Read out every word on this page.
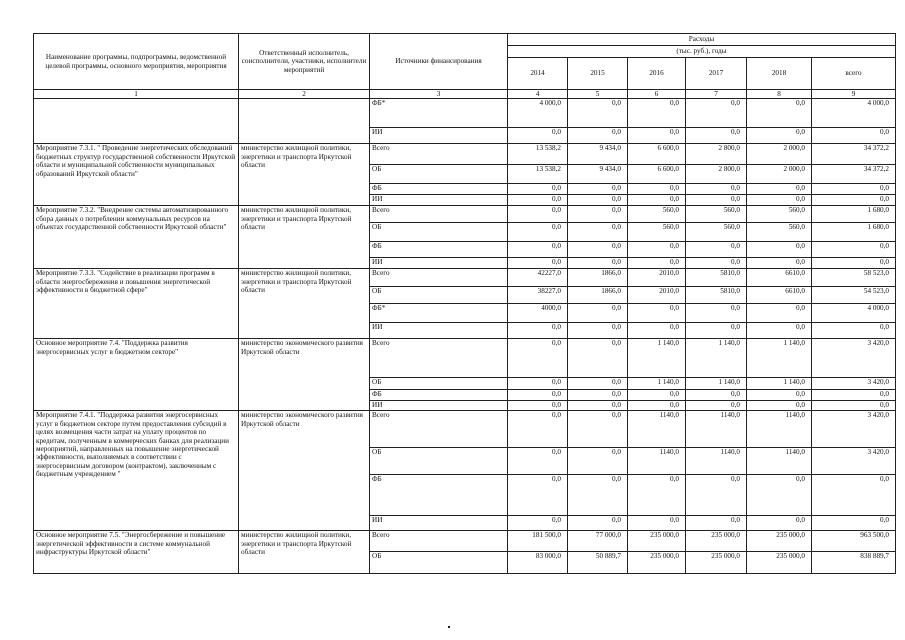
Наименование программы, подпрограммы, ведомственной целевой программы, основного мероприятия, мероприятия	Ответственный исполнитель, соисполнители, участники, исполнители мероприятий	Источники финансирования	Расходы					
			(тыс. руб.), годы					
			2014	2015	2016	2017	2018	всего
1	2	3	4	5	6	7	8	9
		ФБ*	4 000,0	0,0	0,0	0,0	0,0	4 000,0
		ИИ	0,0	0,0	0,0	0,0	0,0	0,0
Мероприятие 7.3.1. " Проведение энергетических обследований бюджетных структур государственной собственности Иркутской области и муниципальной собственности муниципальных образований Иркутской области"	министерство жилищной политики, энергетики и транспорта Иркутской области	Всего	13 538,2	9 434,0	6 600,0	2 800,0	2 000,0	34 372,2
		ОБ	13 538,2	9 434,0	6 600,0	2 800,0	2 000,0	34 372,2
		ФБ	0,0	0,0	0,0	0,0	0,0	0,0
		ИИ	0,0	0,0	0,0	0,0	0,0	0,0
Мероприятие 7.3.2. "Внедрение системы автоматизированного сбора данных о потреблении коммунальных ресурсов на объектах государственной собственности Иркутской области"	министерство жилищной политики, энергетики и транспорта Иркутской области	Всего	0,0	0,0	560,0	560,0	560,0	1 680,0
		ОБ	0,0	0,0	560,0	560,0	560,0	1 680,0
		ФБ	0,0	0,0	0,0	0,0	0,0	0,0
		ИИ	0,0	0,0	0,0	0,0	0,0	0,0
Мероприятие 7.3.3. "Содействие в реализации программ в области энергосбережения и повышения энергетической эффективности в бюджетной сфере"	министерство жилищной политики, энергетики и транспорта Иркутской области	Всего	42227,0	1866,0	2010,0	5810,0	6610,0	58 523,0
		ОБ	38227,0	1866,0	2010,0	5810,0	6610,0	54 523,0
		ФБ*	4000,0	0,0	0,0	0,0	0,0	4 000,0
		ИИ	0,0	0,0	0,0	0,0	0,0	0,0
Основное мероприятие 7.4. "Поддержка развития энергосервисных услуг в бюджетном секторе"	министерство экономического развития Иркутской области	Всего	0,0	0,0	1 140,0	1 140,0	1 140,0	3 420,0
		ОБ	0,0	0,0	1 140,0	1 140,0	1 140,0	3 420,0
		ФБ	0,0	0,0	0,0	0,0	0,0	0,0
		ИИ	0,0	0,0	0,0	0,0	0,0	0,0
Мероприятие 7.4.1. "Поддержка развития энергосервисных услуг в бюджетном секторе путем предоставления субсидий в целях возмещения части затрат на уплату процентов по кредитам, полученным в коммерческих банках для реализации мероприятий, направленных на повышение энергетической эффективности, выполняемых в соответствии с энергосервисным договором (контрактом), заключенным с бюджетным учреждением "	министерство экономического развития Иркутской области	Всего	0,0	0,0	1140,0	1140,0	1140,0	3 420,0
		ОБ	0,0	0,0	1140,0	1140,0	1140,0	3 420,0
		ФБ	0,0	0,0	0,0	0,0	0,0	0,0
		ИИ	0,0	0,0	0,0	0,0	0,0	0,0
Основное мероприятие 7.5. "Энергосбережение и повышение энергетической эффективности в системе коммунальной инфраструктуры Иркутской области"	министерство жилищной политики, энергетики и транспорта Иркутской области	Всего	181 500,0	77 000,0	235 000,0	235 000,0	235 000,0	963 500,0
		ОБ	83 000,0	50 889,7	235 000,0	235 000,0	235 000,0	838 889,7
